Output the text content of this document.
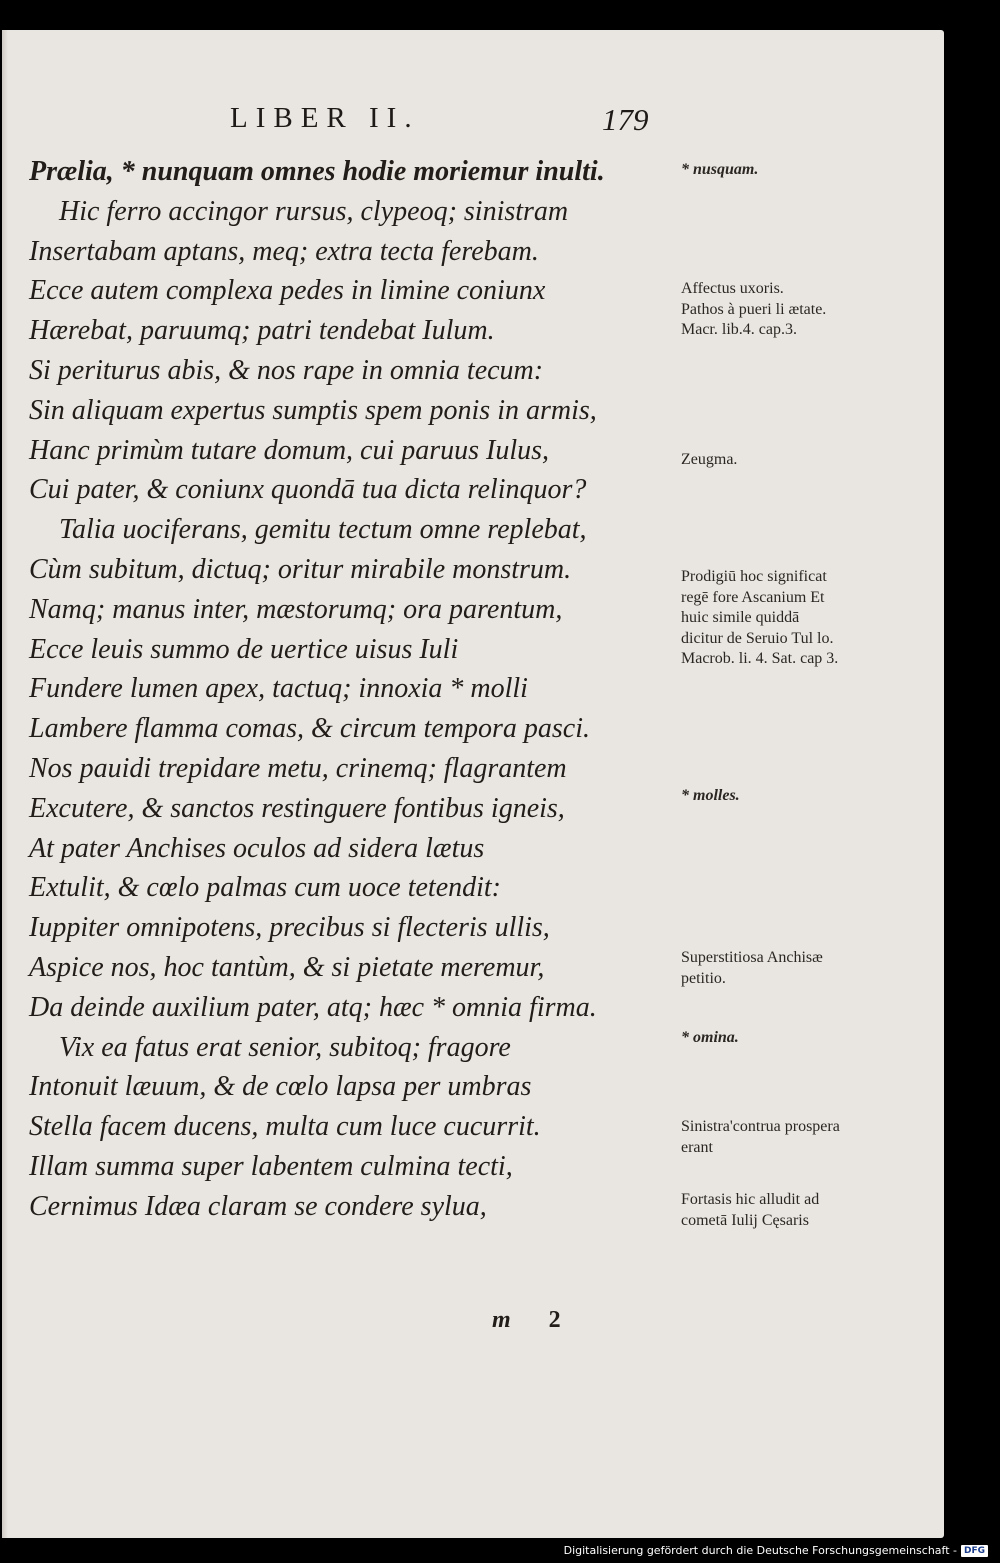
LIBER II.	179
Prælia, * nunquam omnes hodie moriemur inulti.
Hic ferro accingor rursus, clypeoq; sinistram
Insertabam aptans, meq; extra tecta ferebam.
Ecce autem complexa pedes in limine coniunx
Hærebat, paruumq; patri tendebat Iulum.
Si periturus abis, & nos rape in omnia tecum:
Sin aliquam expertus sumptis spem ponis in armis,
Hanc primùm tutare domum, cui paruus Iulus,
Cui pater, & coniunx quondā tua dicta relinquor?
Talia uociferans, gemitu tectum omne replebat,
Cùm subitum, dictuq; oritur mirabile monstrum.
Namq; manus inter, mæstorumq; ora parentum,
Ecce leuis summo de uertice uisus Iuli
Fundere lumen apex, tactuq; innoxia * molli
Lambere flamma comas, & circum tempora pasci.
Nos pauidi trepidare metu, crinemq; flagrantem
Excutere, & sanctos restinguere fontibus igneis,
At pater Anchises oculos ad sidera lætus
Extulit, & cœlo palmas cum uoce tetendit:
Iuppiter omnipotens, precibus si flecteris ullis,
Aspice nos, hoc tantùm, & si pietate meremur,
Da deinde auxilium pater, atq; hæc * omnia firma.
Vix ea fatus erat senior, subitoq; fragore
Intonuit læuum, & de cœlo lapsa per umbras
Stella facem ducens, multa cum luce cucurrit.
Illam summa super labentem culmina tecti,
Cernimus Idæa claram se condere sylua,
* nusquam.
Affectus uxoris.
Pathos à pueri li ætate. Macr. lib.4. cap.3.
Zeugma.
Prodigiū hoc significat regē fore Ascanium Et huic simile quiddā dicitur de Seruio Tul lo.
Macrob. li. 4. Sat. cap 3.
* molles.
Superstitiosa Anchisæ petitio.
* omina.
Sinistra'contrua prospera erant
Fortasis hic alludit ad cometā Iulij Cęsaris
m 2
Digitalisierung gefördert durch die Deutsche Forschungsgemeinschaft - DFG
